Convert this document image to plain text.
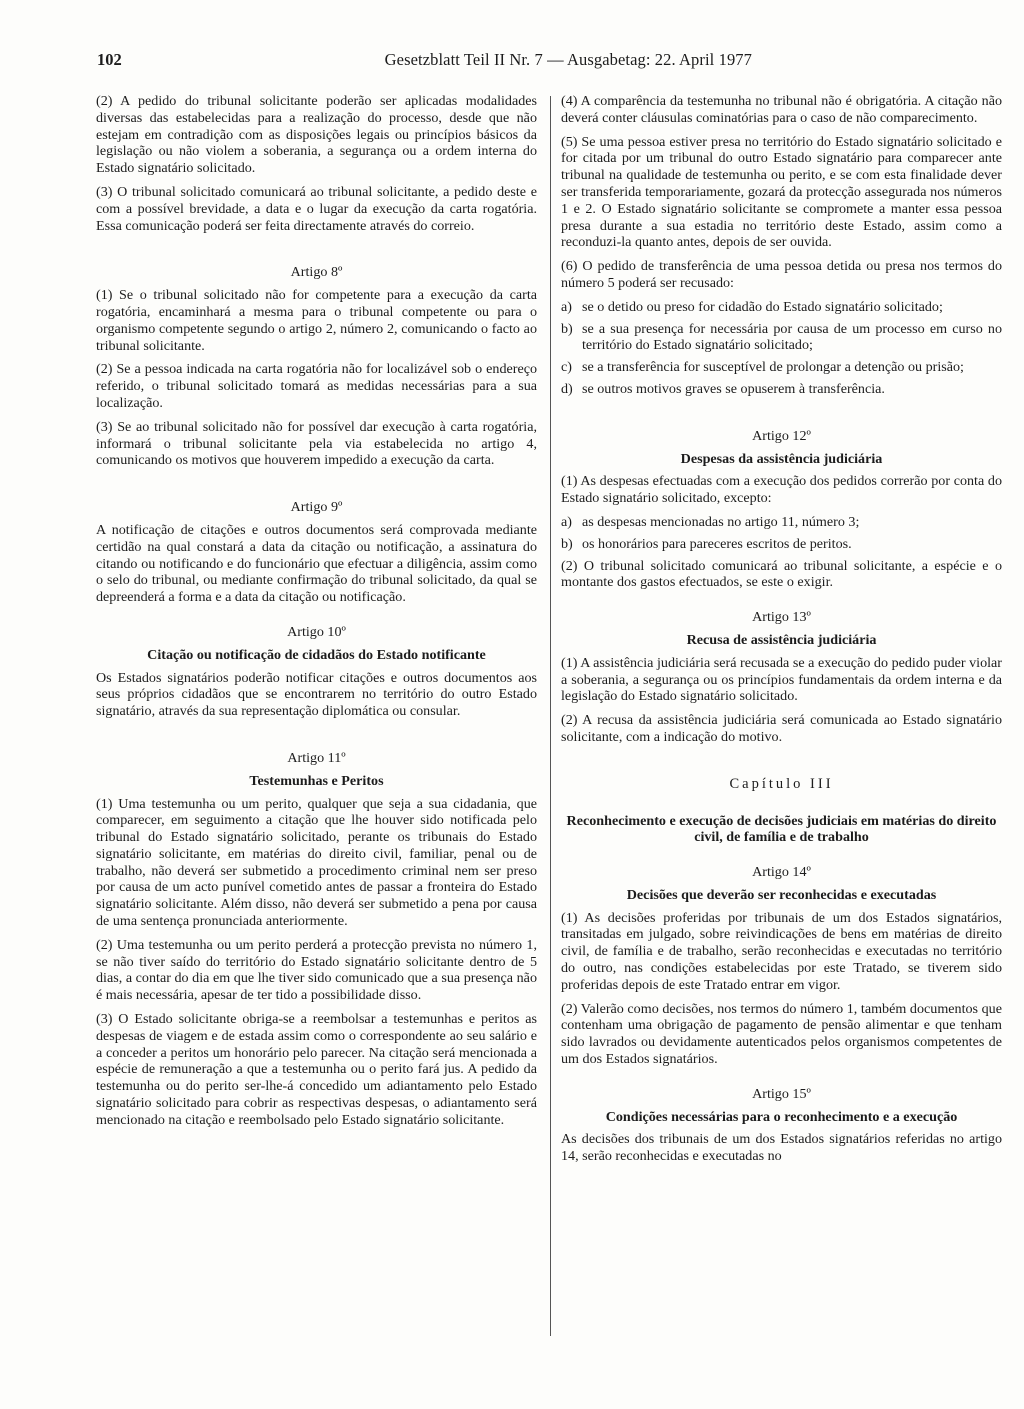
102	Gesetzblatt Teil II Nr. 7 — Ausgabetag: 22. April 1977

(2) A pedido do tribunal solicitante poderão ser aplicadas modalidades diversas das estabelecidas para a realização do processo, desde que não estejam em contradição com as disposições legais ou princípios básicos da legislação ou não violem a soberania, a segurança ou a ordem interna do Estado signatário solicitado.

(3) O tribunal solicitado comunicará ao tribunal solicitante, a pedido deste e com a possível brevidade, a data e o lugar da execução da carta rogatória. Essa comunicação poderá ser feita directamente através do correio.

Artigo 8º

(1) Se o tribunal solicitado não for competente para a execução da carta rogatória, encaminhará a mesma para o tribunal competente ou para o organismo competente segundo o artigo 2, número 2, comunicando o facto ao tribunal solicitante.

(2) Se a pessoa indicada na carta rogatória não for localizável sob o endereço referido, o tribunal solicitado tomará as medidas necessárias para a sua localização.

(3) Se ao tribunal solicitado não for possível dar execução à carta rogatória, informará o tribunal solicitante pela via estabelecida no artigo 4, comunicando os motivos que houverem impedido a execução da carta.

Artigo 9º

A notificação de citações e outros documentos será comprovada mediante certidão na qual constará a data da citação ou notificação, a assinatura do citando ou notificando e do funcionário que efectuar a diligência, assim como o selo do tribunal, ou mediante confirmação do tribunal solicitado, da qual se depreenderá a forma e a data da citação ou notificação.

Artigo 10º
Citação ou notificação de cidadãos do Estado notificante

Os Estados signatários poderão notificar citações e outros documentos aos seus próprios cidadãos que se encontrarem no território do outro Estado signatário, através da sua representação diplomática ou consular.

Artigo 11º
Testemunhas e Peritos

(1) Uma testemunha ou um perito, qualquer que seja a sua cidadania, que comparecer, em seguimento a citação que lhe houver sido notificada pelo tribunal do Estado signatário solicitado, perante os tribunais do Estado signatário solicitante, em matérias do direito civil, familiar, penal ou de trabalho, não deverá ser submetido a procedimento criminal nem ser preso por causa de um acto punível cometido antes de passar a fronteira do Estado signatário solicitante. Além disso, não deverá ser submetido a pena por causa de uma sentença pronunciada anteriormente.

(2) Uma testemunha ou um perito perderá a protecção prevista no número 1, se não tiver saído do território do Estado signatário solicitante dentro de 5 dias, a contar do dia em que lhe tiver sido comunicado que a sua presença não é mais necessária, apesar de ter tido a possibilidade disso.

(3) O Estado solicitante obriga-se a reembolsar a testemunhas e peritos as despesas de viagem e de estada assim como o correspondente ao seu salário e a conceder a peritos um honorário pelo parecer. Na citação será mencionada a espécie de remuneração a que a testemunha ou o perito fará jus. A pedido da testemunha ou do perito ser-lhe-á concedido um adiantamento pelo Estado signatário solicitado para cobrir as respectivas despesas, o adiantamento será mencionado na citação e reembolsado pelo Estado signatário solicitante.

(4) A comparência da testemunha no tribunal não é obrigatória. A citação não deverá conter cláusulas cominatórias para o caso de não comparecimento.

(5) Se uma pessoa estiver presa no território do Estado signatário solicitado e for citada por um tribunal do outro Estado signatário para comparecer ante tribunal na qualidade de testemunha ou perito, e se com esta finalidade dever ser transferida temporariamente, gozará da protecção assegurada nos números 1 e 2. O Estado signatário solicitante se compromete a manter essa pessoa presa durante a sua estadia no território deste Estado, assim como a reconduzi-la quanto antes, depois de ser ouvida.

(6) O pedido de transferência de uma pessoa detida ou presa nos termos do número 5 poderá ser recusado:

a) se o detido ou preso for cidadão do Estado signatário solicitado;
b) se a sua presença for necessária por causa de um processo em curso no território do Estado signatário solicitado;
c) se a transferência for susceptível de prolongar a detenção ou prisão;
d) se outros motivos graves se opuserem à transferência.
Artigo 12º
Despesas da assistência judiciária

(1) As despesas efectuadas com a execução dos pedidos correrão por conta do Estado signatário solicitado, excepto:

a) as despesas mencionadas no artigo 11, número 3;
b) os honorários para pareceres escritos de peritos.

(2) O tribunal solicitado comunicará ao tribunal solicitante, a espécie e o montante dos gastos efectuados, se este o exigir.

Artigo 13º
Recusa de assistência judiciária

(1) A assistência judiciária será recusada se a execução do pedido puder violar a soberania, a segurança ou os princípios fundamentais da ordem interna e da legislação do Estado signatário solicitado.

(2) A recusa da assistência judiciária será comunicada ao Estado signatário solicitante, com a indicação do motivo.

Capítulo III
Reconhecimento e execução de decisões judiciais em matérias do direito civil, de família e de trabalho
Artigo 14º
Decisões que deverão ser reconhecidas e executadas

(1) As decisões proferidas por tribunais de um dos Estados signatários, transitadas em julgado, sobre reivindicações de bens em matérias de direito civil, de família e de trabalho, serão reconhecidas e executadas no território do outro, nas condições estabelecidas por este Tratado, se tiverem sido proferidas depois de este Tratado entrar em vigor.

(2) Valerão como decisões, nos termos do número 1, também documentos que contenham uma obrigação de pagamento de pensão alimentar e que tenham sido lavrados ou devidamente autenticados pelos organismos competentes de um dos Estados signatários.

Artigo 15º
Condições necessárias para o reconhecimento e a execução

As decisões dos tribunais de um dos Estados signatários referidas no artigo 14, serão reconhecidas e executadas no
